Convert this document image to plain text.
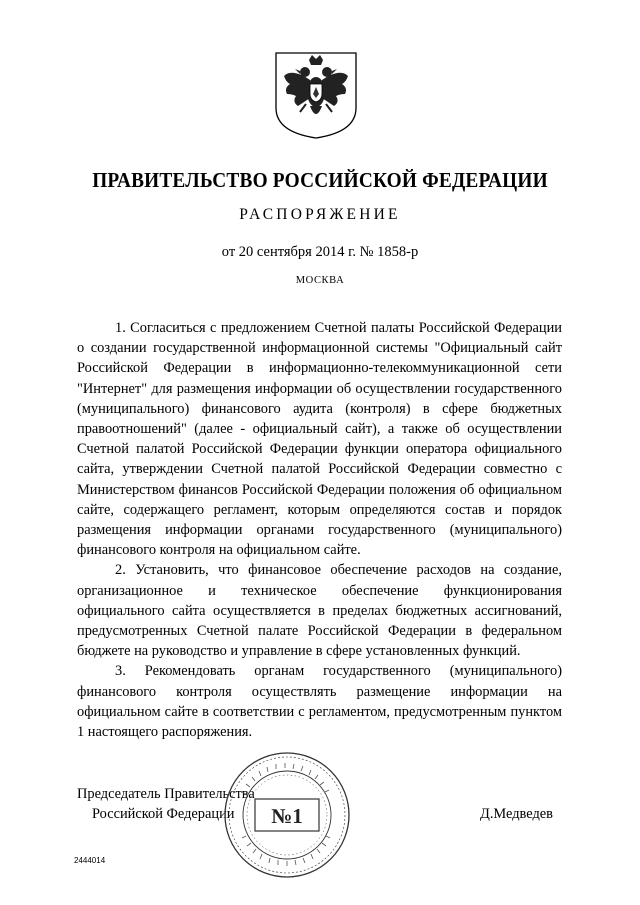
ПРАВИТЕЛЬСТВО РОССИЙСКОЙ ФЕДЕРАЦИИ
РАСПОРЯЖЕНИЕ
от 20 сентября 2014 г. № 1858-р
МОСКВА

1. Согласиться с предложением Счетной палаты Российской Федерации о создании государственной информационной системы "Официальный сайт Российской Федерации в информационно-телекоммуникационной сети "Интернет" для размещения информации об осуществлении государственного (муниципального) финансового аудита (контроля) в сфере бюджетных правоотношений" (далее - официальный сайт), а также об осуществлении Счетной палатой Российской Федерации функции оператора официального сайта, утверждении Счетной палатой Российской Федерации совместно с Министерством финансов Российской Федерации положения об официальном сайте, содержащего регламент, которым определяются состав и порядок размещения информации органами государственного (муниципального) финансового контроля на официальном сайте.

2. Установить, что финансовое обеспечение расходов на создание, организационное и техническое обеспечение функционирования официального сайта осуществляется в пределах бюджетных ассигнований, предусмотренных Счетной палате Российской Федерации в федеральном бюджете на руководство и управление в сфере установленных функций.

3. Рекомендовать органам государственного (муниципального) финансового контроля осуществлять размещение информации на официальном сайте в соответствии с регламентом, предусмотренным пунктом 1 настоящего распоряжения.

Председатель Правительства
Российской Федерации	Д.Медведев
№1
2444014
